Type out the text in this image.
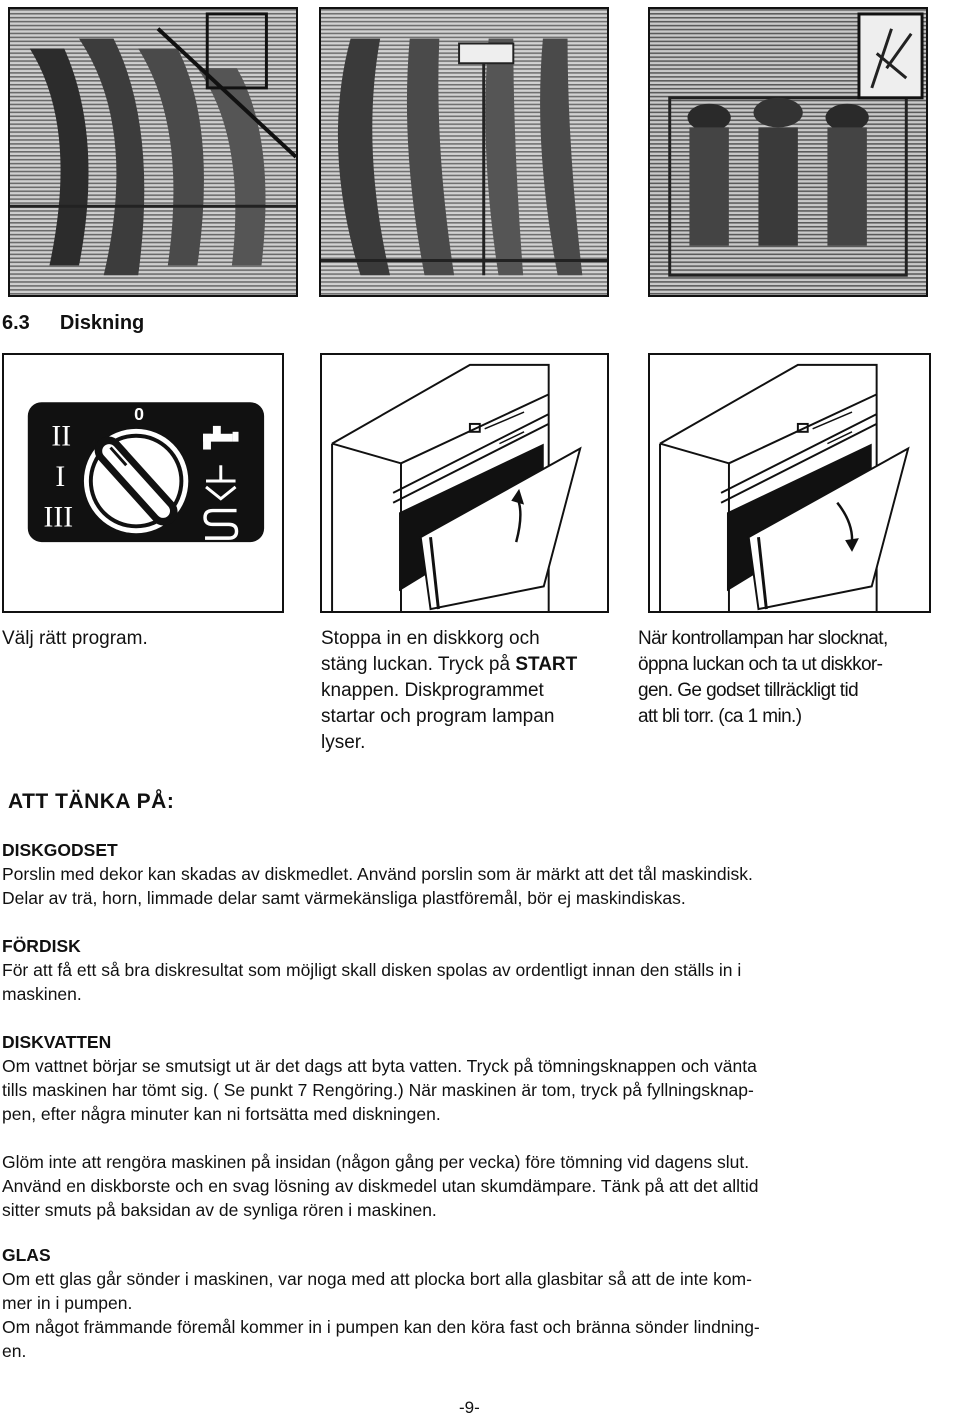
6.3 Diskning
II
I
III
0
Välj rätt program.	Stoppa in en diskkorg och
stäng luckan. Tryck på START
knappen. Diskprogrammet
startar och program lampan
lyser.
När kontrollampan har slocknat,
öppna luckan och ta ut diskkor-
gen. Ge godset tillräckligt tid
att bli torr. (ca 1 min.)
ATT TÄNKA PÅ:
DISKGODSET
Porslin med dekor kan skadas av diskmedlet. Använd porslin som är märkt att det tål maskindisk.
Delar av trä, horn, limmade delar samt värmekänsliga plastföremål, bör ej maskindiskas.
FÖRDISK
För att få ett så bra diskresultat som möjligt skall disken spolas av ordentligt innan den ställs in i
maskinen.
DISKVATTEN
Om vattnet börjar se smutsigt ut är det dags att byta vatten. Tryck på tömningsknappen och vänta
tills maskinen har tömt sig. ( Se punkt 7 Rengöring.) När maskinen är tom, tryck på fyllningsknap-
pen, efter några minuter kan ni fortsätta med diskningen.
Glöm inte att rengöra maskinen på insidan (någon gång per vecka) före tömning vid dagens slut.
Använd en diskborste och en svag lösning av diskmedel utan skumdämpare. Tänk på att det alltid
sitter smuts på baksidan av de synliga rören i maskinen.
GLAS
Om ett glas går sönder i maskinen, var noga med att plocka bort alla glasbitar så att de inte kom-
mer in i pumpen.
Om något främmande föremål kommer in i pumpen kan den köra fast och bränna sönder lindning-
en.
-9-
